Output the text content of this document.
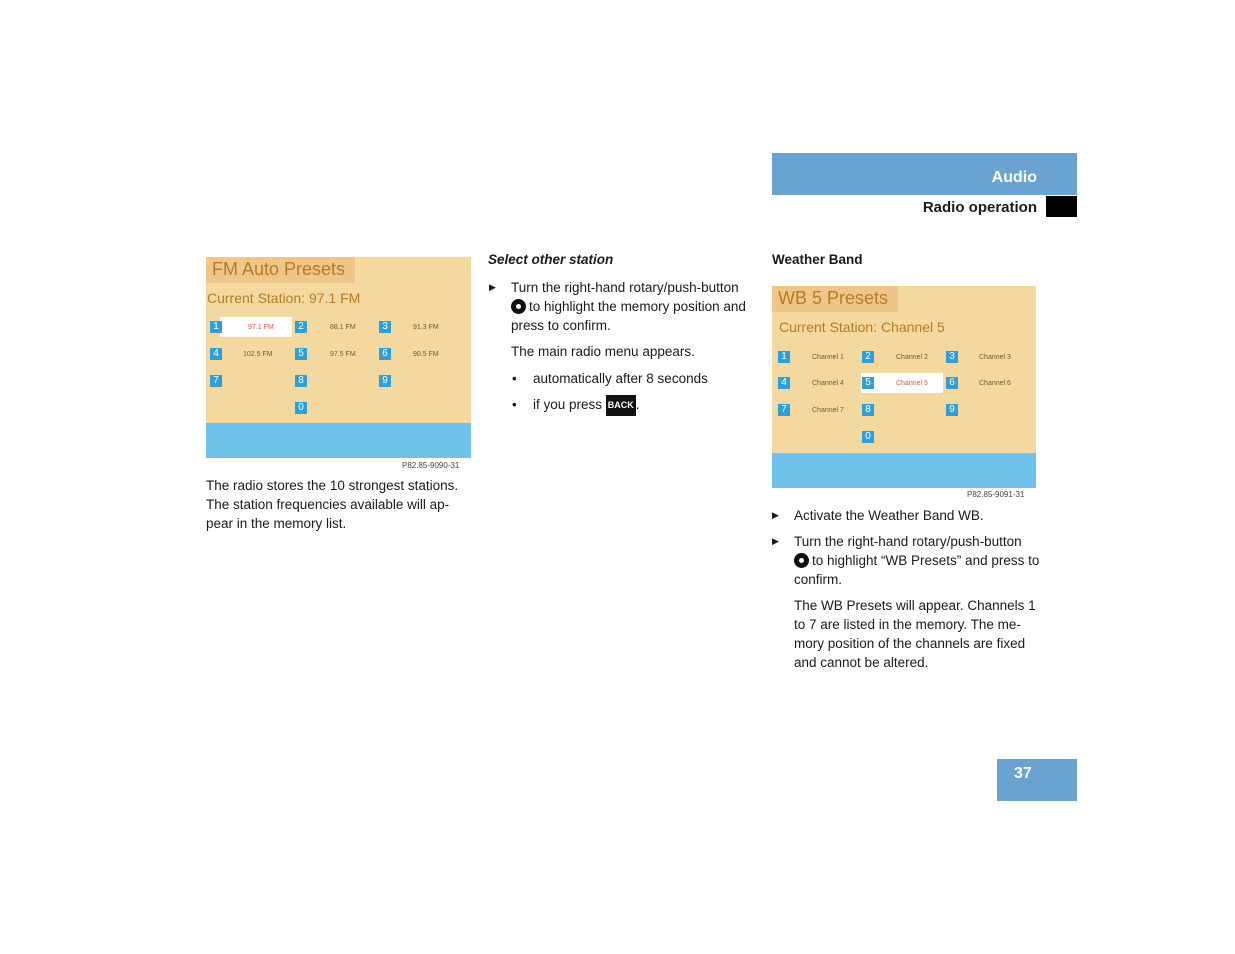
Audio
Radio operation
FM Auto Presets
Current Station: 97.1 FM
1	97.1 FM	2	88.1 FM	3	91.3 FM
4	102.5 FM	5	97.5 FM	6	90.5 FM
7	8	9
0
P82.85-9090-31
The radio stores the 10 strongest stations. The station frequencies available will ap-pear in the memory list.
Select other station
▶ Turn the right-hand rotary/push-button
to highlight the memory position and press to confirm.
The main radio menu appears.
• automatically after 8 seconds
• if you press BACK .
Weather Band
WB 5 Presets
Current Station: Channel 5
1	Channel 1	2	Channel 2	3	Channel 3
4	Channel 4	5	Channel 5	6	Channel 6
7	Channel 7	8	9
0
P82.85-9091-31
▶ Activate the Weather Band WB.
▶ Turn the right-hand rotary/push-button
to highlight “WB Presets” and press to confirm.
The WB Presets will appear. Channels 1 to 7 are listed in the memory. The me-mory position of the channels are fixed and cannot be altered.
37
